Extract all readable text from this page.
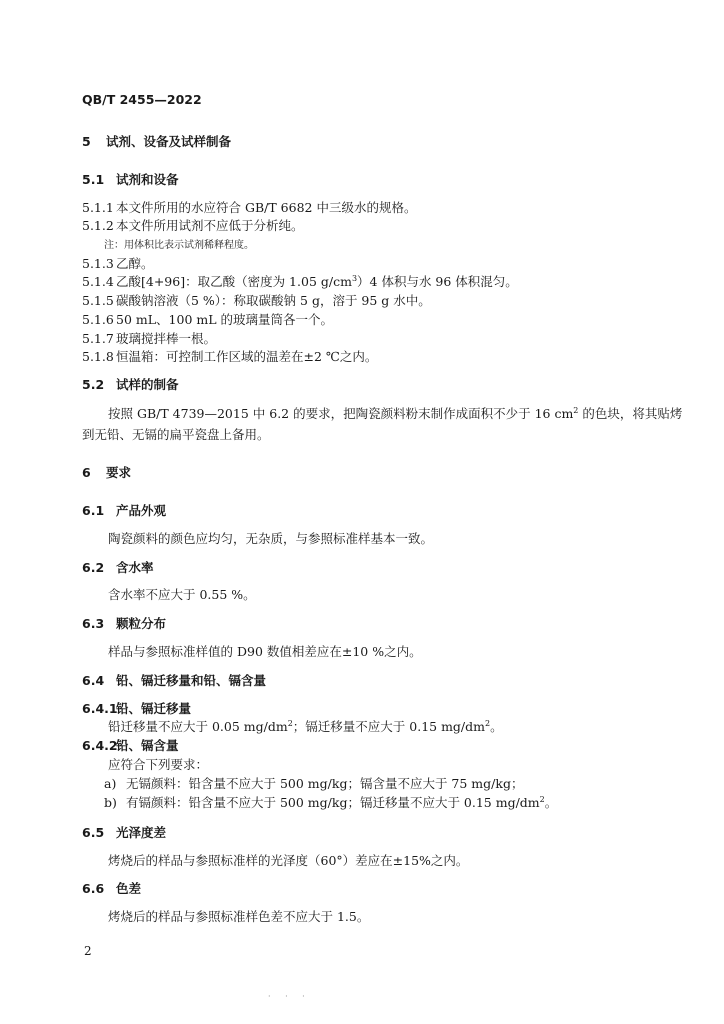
QB/T 2455—2022
5 试剂、设备及试样制备
5.1 试剂和设备
5.1.1 本文件所用的水应符合 GB/T 6682 中三级水的规格。
5.1.2 本文件所用试剂不应低于分析纯。
注：用体积比表示试剂稀释程度。
5.1.3 乙醇。
5.1.4 乙酸[4+96]：取乙酸（密度为 1.05 $g/cm^3)4$ 体积与水 96 体积混匀。
5.1.5 碳酸钠溶液（5 %）：称取碳酸钠 5 g，溶于 95 g 水中。
5.1.6 50 mL、100 mL 的玻璃量筒各一个。
5.1.7 玻璃搅拌棒一根。
5.1.8 恒温箱：可控制工作区域的温差在±2 ℃之内。
5.2 试样的制备
按照 GB/T 4739—2015 中 6.2 的要求，把陶瓷颜料粉末制作成面积不少于 16 $cm^2$ 的色块，将其贴烤
到无铅、无镉的扁平瓷盘上备用。
6 要求
6.1 产品外观
陶瓷颜料的颜色应均匀，无杂质，与参照标准样基本一致。
6.2 含水率
含水率不应大于 0.55 %。
6.3 颗粒分布
样品与参照标准样值的 D90 数值相差应在±10 %之内。
6.4 铅、镉迁移量和铅、镉含量
6.4.1铅、镉迁移量
铅迁移量不应大于 0.05 $mg/dm^2$；镉迁移量不应大于 0.15 $mg/dm^2$。
6.4.2铅、镉含量
应符合下列要求：
a) 无镉颜料：铅含量不应大于 500 mg/kg；镉含量不应大于 75 mg/kg；
b) 有镉颜料：铅含量不应大于 500 mg/kg；镉迁移量不应大于 0.15 $mg/dm^2$。
6.5 光泽度差
烤烧后的样品与参照标准样的光泽度（60°）差应在±15%之内。
6.6 色差
烤烧后的样品与参照标准样色差不应大于 1.5。
2
· · ·
